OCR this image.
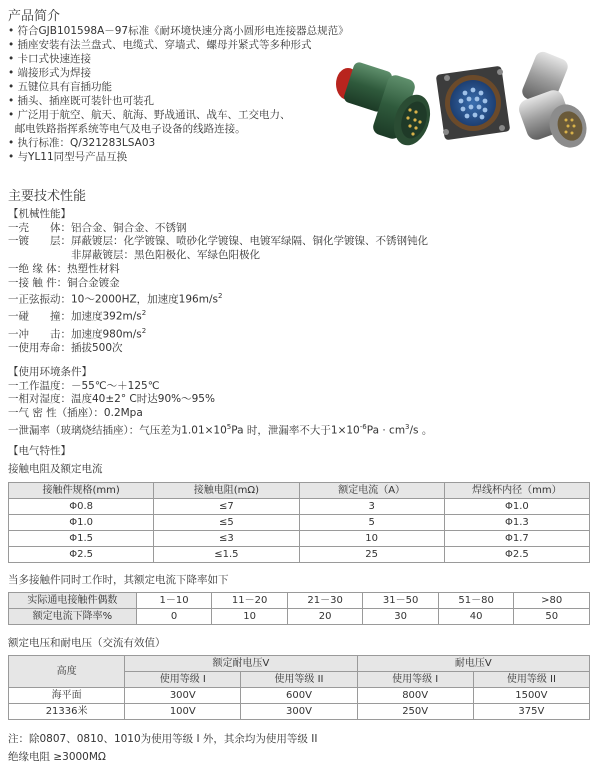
产品简介
• 符合GJB101598A－97标准《耐环境快速分离小圆形电连接器总规范》
• 插座安装有法兰盘式、电缆式、穿墙式、螺母并紧式等多种形式
• 卡口式快速连接
• 端接形式为焊接
• 五键位具有盲插功能
• 插头、插座既可装针也可装孔
• 广泛用于航空、航天、航海、野战通讯、战车、工交电力、
邮电铁路指挥系统等电气及电子设备的线路连接。
• 执行标准：Q/321283LSA03
• 与YL11同型号产品互换
主要技术性能
【机械性能】
一壳　　体：铝合金、铜合金、不锈钢
一镀　　层：屏蔽镀层：化学镀镍、喷砂化学镀镍、电镀军绿隔、铜化学镀镍、不锈钢钝化
　　　　　　非屏蔽镀层：黑色阳极化、军绿色阳极化
一绝 缘 体：热塑性材料
一接 触 件：铜合金镀金
一正弦振动：10～2000HZ，加速度$196m/s^2$
一碰　　撞：加速度$392m/s^2$
一冲　　击：加速度$980m/s^2$
一使用寿命：插拔500次
【使用环境条件】
一工作温度：－55℃～＋125℃
一相对湿度：温度40±2° C时达90%～95%
一气 密 性（插座）：0.2Mpa
一泄漏率（玻璃烧结插座）：气压差为$1.01\times 10^5Pa$ 时，泄漏率不大于$1\times 10^{-6}Pa \cdot cm^3/s$ 。
【电气特性】
接触电阻及额定电流
接触件规格(mm)	接触电阻(mΩ)	额定电流（A）	焊线杯内径（mm）
Φ0.8	≤7	3	Φ1.0
Φ1.0	≤5	5	Φ1.3
Φ1.5	≤3	10	Φ1.7
Φ2.5	≤1.5	25	Φ2.5
当多接触件同时工作时，其额定电流下降率如下
实际通电接触件偶数	1－10	11－20	21－30	31－50	51－80	>80
额定电流下降率%	0	10	20	30	40	50
额定电压和耐电压（交流有效值）
高度	额定耐电压V		耐电压V	
	使用等级 I	使用等级 II	使用等级 I	使用等级 II
海平面	300V	600V	800V	1500V
21336米	100V	300V	250V	375V
注：除0807、0810、1010为使用等级 I 外，其余均为使用等级 II
绝缘电阻 ≥3000MΩ
